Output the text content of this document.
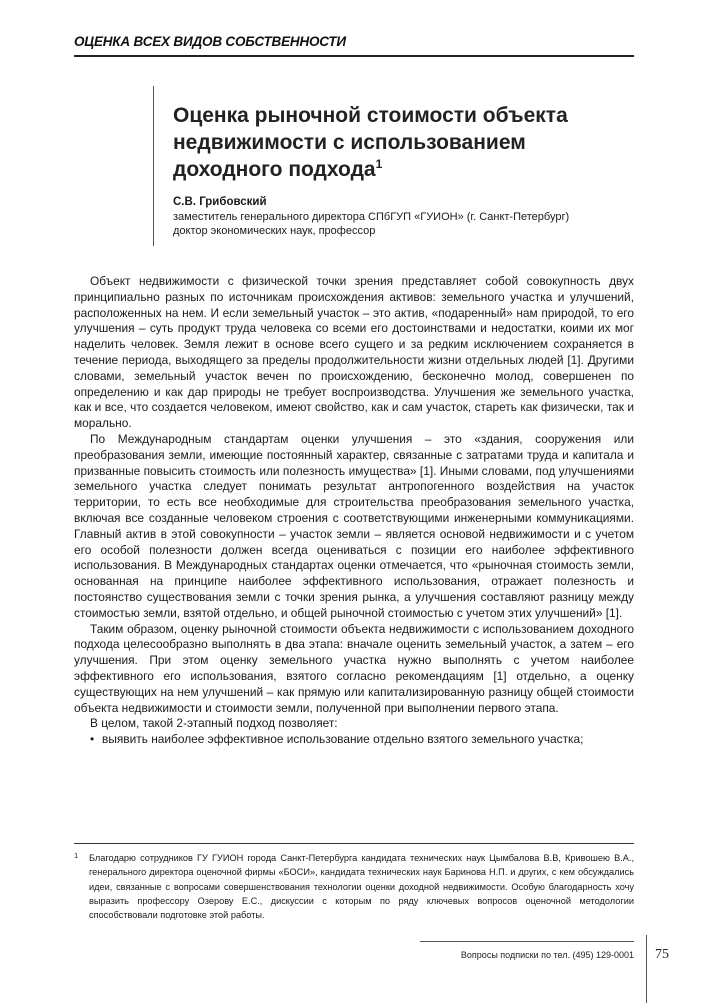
ОЦЕНКА ВСЕХ ВИДОВ СОБСТВЕННОСТИ
Оценка рыночной стоимости объекта
недвижимости с использованием
доходного подхода$^1$
С.В. Грибовский
заместитель генерального директора СПбГУП «ГУИОН» (г. Санкт-Петербург)
доктор экономических наук, профессор

Объект недвижимости с физической точки зрения представляет собой совокупность двух принципиально разных по источникам происхождения активов: земельного участка и улучшений, расположенных на нем. И если земельный участок – это актив, «подаренный» нам природой, то его улучшения – суть продукт труда человека со всеми его достоинствами и недостатки, коими их мог наделить человек. Земля лежит в основе всего сущего и за редким исключением сохраняется в течение периода, выходящего за пределы продолжительности жизни отдельных людей [1]. Другими словами, земельный участок вечен по происхождению, бесконечно молод, совершенен по определению и как дар природы не требует воспроизводства. Улучшения же земельного участка, как и все, что создается человеком, имеют свойство, как и сам участок, стареть как физически, так и морально.

По Международным стандартам оценки улучшения – это «здания, сооружения или преобразования земли, имеющие постоянный характер, связанные с затратами труда и капитала и призванные повысить стоимость или полезность имущества» [1]. Иными словами, под улучшениями земельного участка следует понимать результат антропогенного воздействия на участок территории, то есть все необходимые для строительства преобразования земельного участка, включая все созданные человеком строения с соответствующими инженерными коммуникациями. Главный актив в этой совокупности – участок земли – является основой недвижимости и с учетом его особой полезности должен всегда оцениваться с позиции его наиболее эффективного использования. В Международных стандартах оценки отмечается, что «рыночная стоимость земли, основанная на принципе наиболее эффективного использования, отражает полезность и постоянство существования земли с точки зрения рынка, а улучшения составляют разницу между стоимостью земли, взятой отдельно, и общей рыночной стоимостью с учетом этих улучшений» [1].

Таким образом, оценку рыночной стоимости объекта недвижимости с использованием доходного подхода целесообразно выполнять в два этапа: вначале оценить земельный участок, а затем – его улучшения. При этом оценку земельного участка нужно выполнять с учетом наиболее эффективного его использования, взятого согласно рекомендациям [1] отдельно, а оценку существующих на нем улучшений – как прямую или капитализированную разницу общей стоимости объекта недвижимости и стоимости земли, полученной при выполнении первого этапа.

В целом, такой 2-этапный подход позволяет:

• выявить наиболее эффективное использование отдельно взятого земельного участка;

1 Благодарю сотрудников ГУ ГУИОН города Санкт-Петербурга кандидата технических наук Цымбалова В.В, Кривошею В.А., генерального директора оценочной фирмы «БОСИ», кандидата технических наук Баринова Н.П. и других, с кем обсуждались идеи, связанные с вопросами совершенствования технологии оценки доходной недвижимости. Особую благодарность хочу выразить профессору Озерову Е.С., дискуссии с которым по ряду ключевых вопросов оценочной методологии способствовали подготовке этой работы.
Вопросы подписки по тел. (495) 129-0001 75
